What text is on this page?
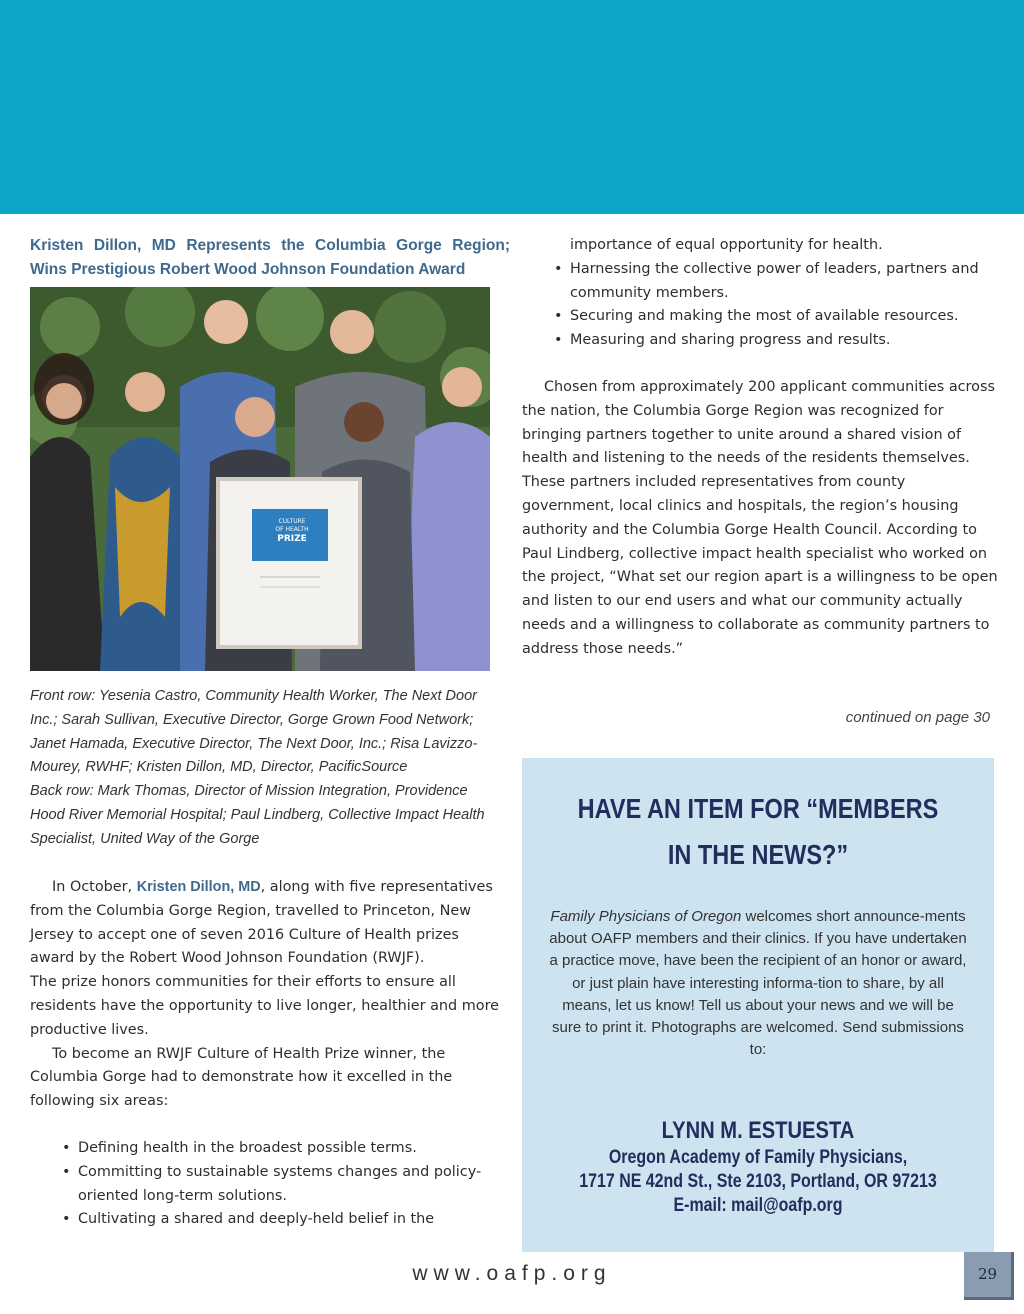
Kristen Dillon, MD Represents the Columbia Gorge Region;
Wins Prestigious Robert Wood Johnson Foundation Award
CULTURE
OF HEALTH
PRIZE

Front row: Yesenia Castro, Community Health Worker, The Next Door Inc.; Sarah Sullivan, Executive Director, Gorge Grown Food Network; Janet Hamada, Executive Director, The Next Door, Inc.; Risa Lavizzo-Mourey, RWHF; Kristen Dillon, MD, Director, PacificSource

Back row: Mark Thomas, Director of Mission Integration, Providence Hood River Memorial Hospital; Paul Lindberg, Collective Impact Health Specialist, United Way of the Gorge

In October, Kristen Dillon, MD, along with five representatives from the Columbia Gorge Region, travelled to Princeton, New Jersey to accept one of seven 2016 Culture of Health prizes award by the Robert Wood Johnson Foundation (RWJF).

The prize honors communities for their efforts to ensure all residents have the opportunity to live longer, healthier and more productive lives.

To become an RWJF Culture of Health Prize winner, the Columbia Gorge had to demonstrate how it excelled in the following six areas:

• Defining health in the broadest possible terms.
• Committing to sustainable systems changes and policy-oriented long-term solutions.
• Cultivating a shared and deeply-held belief in the
importance of equal opportunity for health.
• Harnessing the collective power of leaders, partners and community members.
• Securing and making the most of available resources.
• Measuring and sharing progress and results.

Chosen from approximately 200 applicant communities across the nation, the Columbia Gorge Region was recognized for bringing partners together to unite around a shared vision of health and listening to the needs of the residents themselves. These partners included representatives from county government, local clinics and hospitals, the region’s housing authority and the Columbia Gorge Health Council. According to Paul Lindberg, collective impact health specialist who worked on the project, “What set our region apart is a willingness to be open and listen to our end users and what our community actually needs and a willingness to collaborate as community partners to address those needs.”

continued on page 30
HAVE AN ITEM FOR “MEMBERS
IN THE NEWS?”
Family Physicians of Oregon welcomes short announce-ments about OAFP members and their clinics. If you have undertaken a practice move, have been the recipient of an honor or award, or just plain have interesting informa-tion to share, by all means, let us know! Tell us about your news and we will be sure to print it. Photographs are welcomed. Send submissions to:
LYNN M. ESTUESTA
Oregon Academy of Family Physicians,
1717 NE 42nd St., Ste 2103, Portland, OR 97213
E-mail: mail@oafp.org
www.oafp.org	29
